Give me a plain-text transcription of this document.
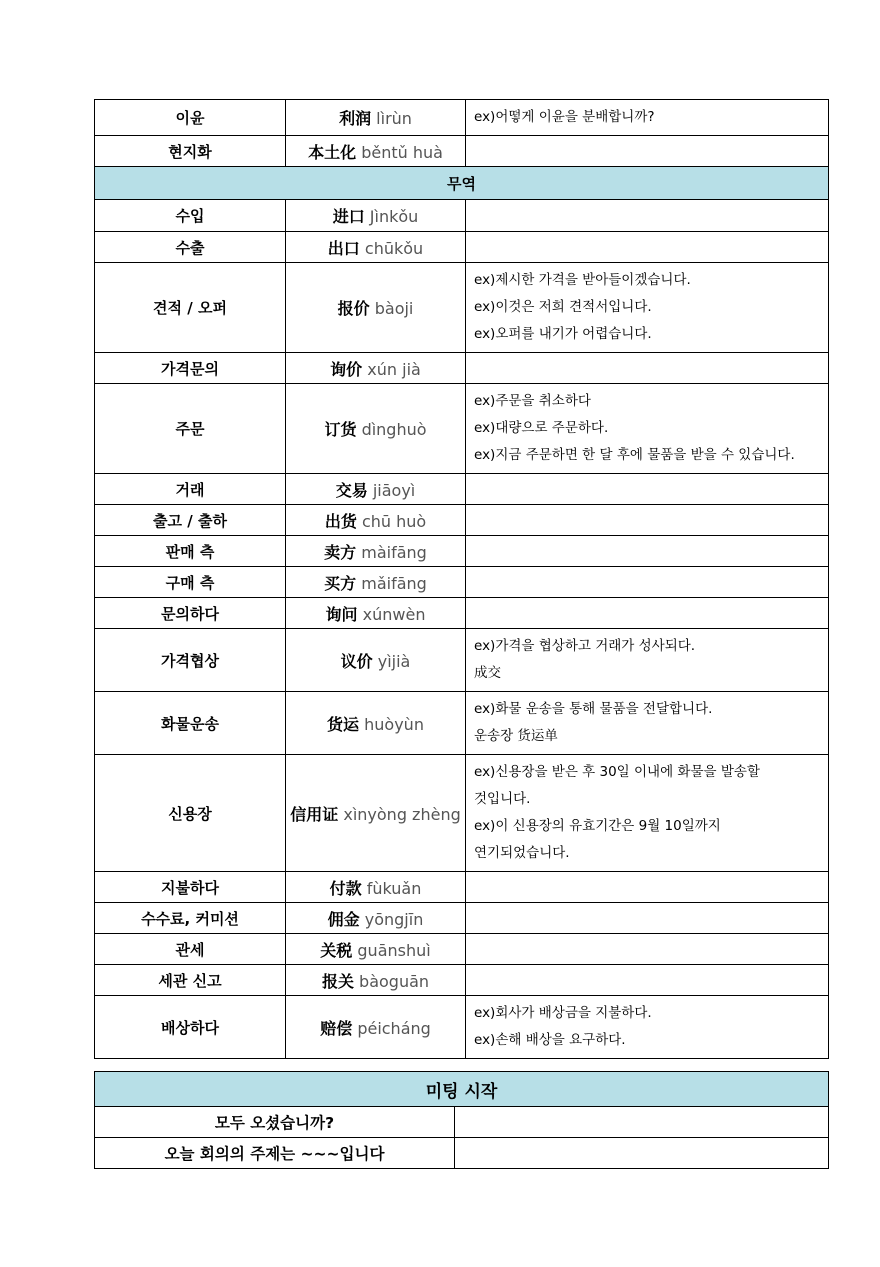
이윤	利润 lìrùn	ex)어떻게 이윤을 분배합니까?

현지화	本土化 běntǔ huà	
무역		
수입	进口 Jìnkǒu	
수출	出口 chūkǒu	
견적 / 오퍼	报价 bàoji	ex)제시한 가격을 받아들이겠습니다.
ex)이것은 저희 견적서입니다.
ex)오퍼를 내기가 어렵습니다.

가격문의	询价 xún jià	
주문	订货 dìnghuò	ex)주문을 취소하다
ex)대량으로 주문하다.
ex)지금 주문하면 한 달 후에 물품을 받을 수 있습니다.

거래	交易 jiāoyì	
출고 / 출하	出货 chū huò	
판매 측	卖方 màifāng	
구매 측	买方 mǎifāng	
문의하다	询问 xúnwèn	
가격협상	议价 yìjià	ex)가격을 협상하고 거래가 성사되다.
成交

화물운송	货运 huòyùn	ex)화물 운송을 통해 물품을 전달합니다.
운송장 货运单

신용장	信用证 xìnyòng zhèng	ex)신용장을 받은 후 30일 이내에 화물을 발송할
것입니다.
ex)이 신용장의 유효기간은 9월 10일까지
연기되었습니다.

지불하다	付款 fùkuǎn	
수수료, 커미션	佣金 yōngjīn	
관세	关税 guānshuì	
세관 신고	报关 bàoguān	
배상하다	赔偿 péicháng	ex)회사가 배상금을 지불하다.
ex)손해 배상을 요구하다.
미팅 시작	
모두 오셨습니까?	
오늘 회의의 주제는 ~~~입니다	
